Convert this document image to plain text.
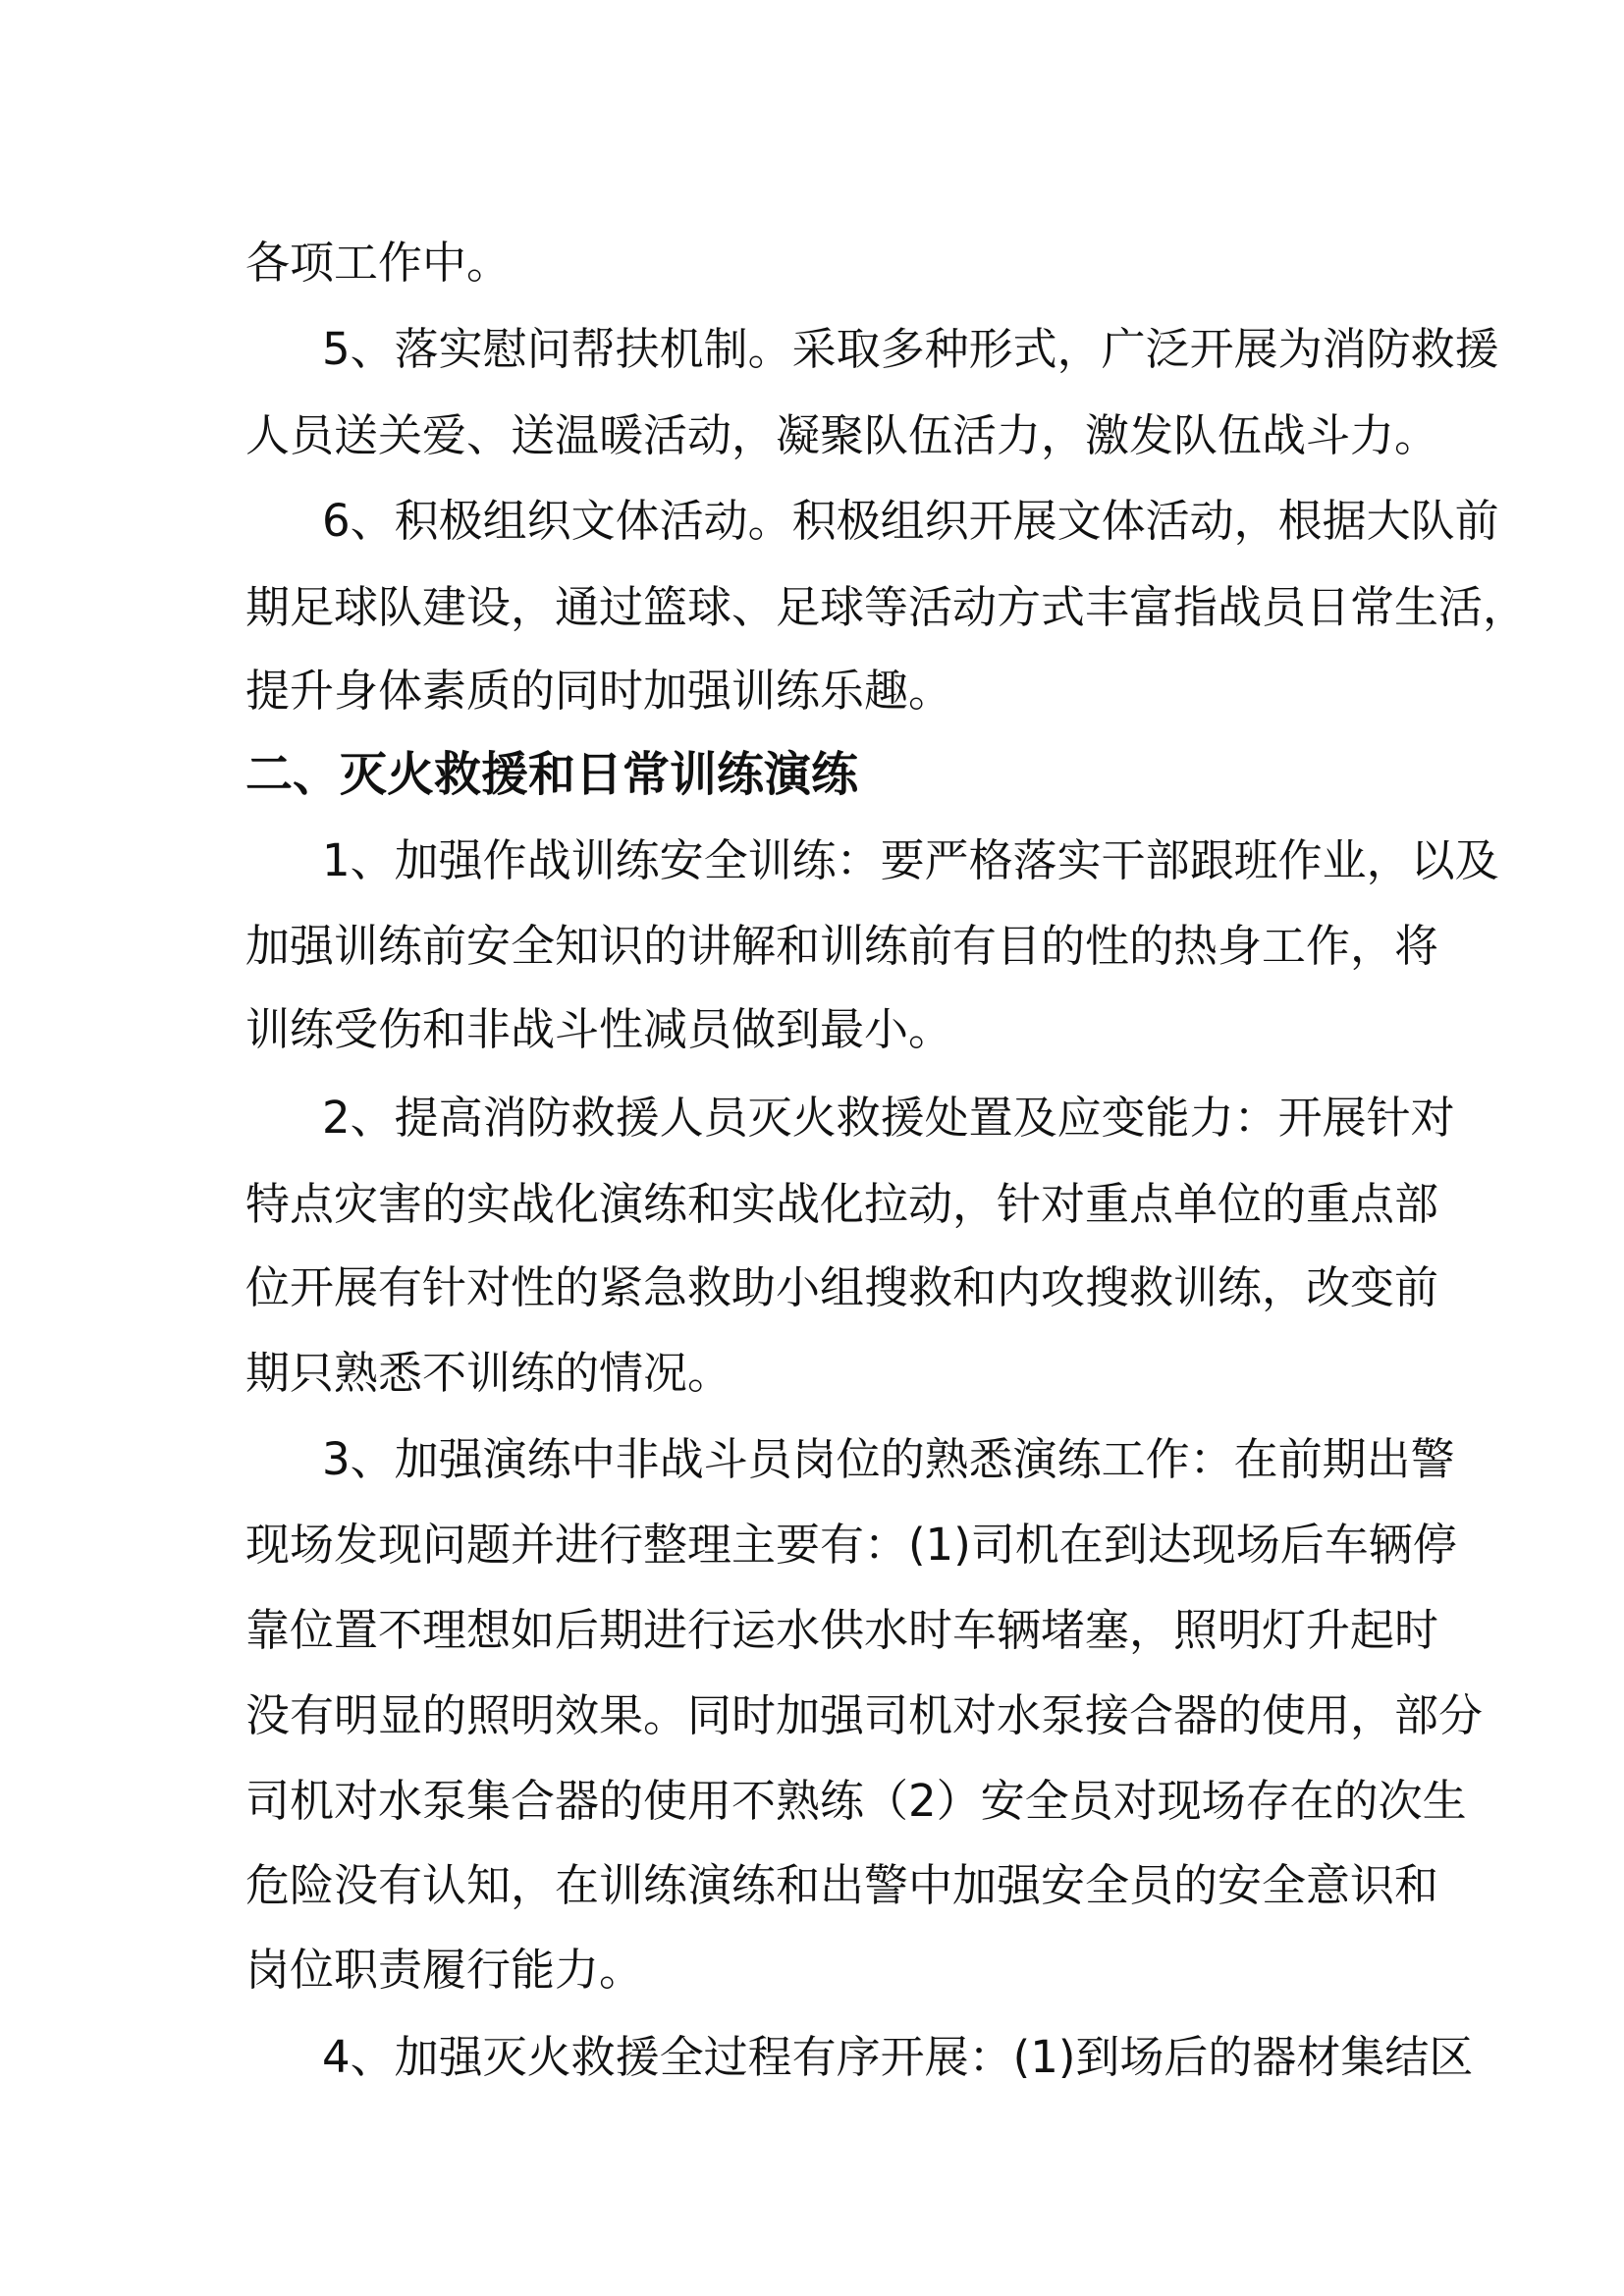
各项工作中。
5、落实慰问帮扶机制。采取多种形式，广泛开展为消防救援
人员送关爱、送温暖活动，凝聚队伍活力，激发队伍战斗力。
6、积极组织文体活动。积极组织开展文体活动，根据大队前
期足球队建设，通过篮球、足球等活动方式丰富指战员日常生活，
提升身体素质的同时加强训练乐趣。
二、灭火救援和日常训练演练
1、加强作战训练安全训练：要严格落实干部跟班作业，以及
加强训练前安全知识的讲解和训练前有目的性的热身工作，将
训练受伤和非战斗性减员做到最小。
2、提高消防救援人员灭火救援处置及应变能力：开展针对
特点灾害的实战化演练和实战化拉动，针对重点单位的重点部
位开展有针对性的紧急救助小组搜救和内攻搜救训练，改变前
期只熟悉不训练的情况。
3、加强演练中非战斗员岗位的熟悉演练工作：在前期出警
现场发现问题并进行整理主要有：(1)司机在到达现场后车辆停
靠位置不理想如后期进行运水供水时车辆堵塞，照明灯升起时
没有明显的照明效果。同时加强司机对水泵接合器的使用，部分
司机对水泵集合器的使用不熟练（2）安全员对现场存在的次生
危险没有认知，在训练演练和出警中加强安全员的安全意识和
岗位职责履行能力。
4、加强灭火救援全过程有序开展：(1)到场后的器材集结区
